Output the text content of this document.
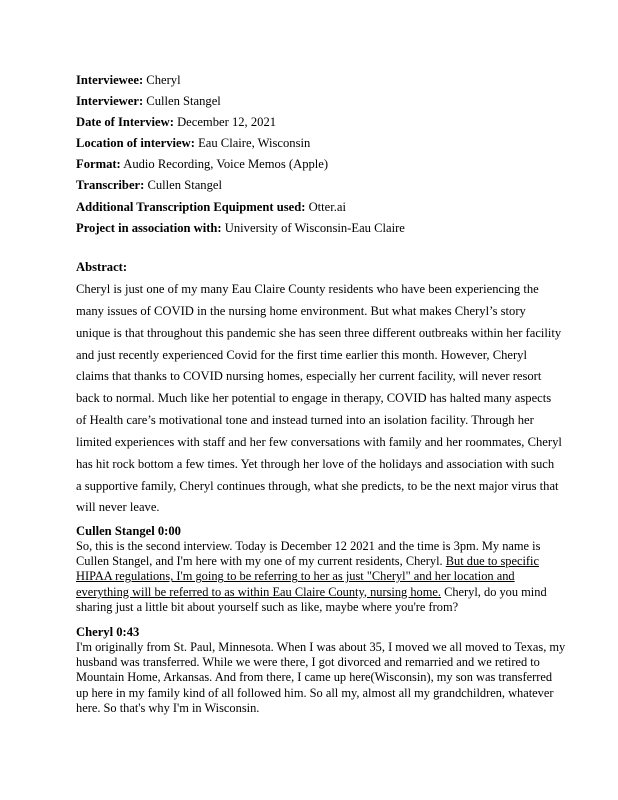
Interviewee: Cheryl
Interviewer: Cullen Stangel
Date of Interview: December 12, 2021
Location of interview: Eau Claire, Wisconsin
Format: Audio Recording, Voice Memos (Apple)
Transcriber: Cullen Stangel
Additional Transcription Equipment used: Otter.ai
Project in association with: University of Wisconsin-Eau Claire
Abstract:
Cheryl is just one of my many Eau Claire County residents who have been experiencing the many issues of COVID in the nursing home environment. But what makes Cheryl’s story unique is that throughout this pandemic she has seen three different outbreaks within her facility and just recently experienced Covid for the first time earlier this month. However, Cheryl claims that thanks to COVID nursing homes, especially her current facility, will never resort back to normal. Much like her potential to engage in therapy, COVID has halted many aspects of Health care’s motivational tone and instead turned into an isolation facility. Through her limited experiences with staff and her few conversations with family and her roommates, Cheryl has hit rock bottom a few times. Yet through her love of the holidays and association with such a supportive family, Cheryl continues through, what she predicts, to be the next major virus that will never leave.
Cullen Stangel 0:00
So, this is the second interview. Today is December 12 2021 and the time is 3pm. My name is Cullen Stangel, and I'm here with my one of my current residents, Cheryl. But due to specific HIPAA regulations, I'm going to be referring to her as just "Cheryl" and her location and everything will be referred to as within Eau Claire County, nursing home. Cheryl, do you mind sharing just a little bit about yourself such as like, maybe where you're from?
Cheryl 0:43
I'm originally from St. Paul, Minnesota. When I was about 35, I moved we all moved to Texas, my husband was transferred. While we were there, I got divorced and remarried and we retired to Mountain Home, Arkansas. And from there, I came up here(Wisconsin), my son was transferred up here in my family kind of all followed him. So all my, almost all my grandchildren, whatever here. So that's why I'm in Wisconsin.
